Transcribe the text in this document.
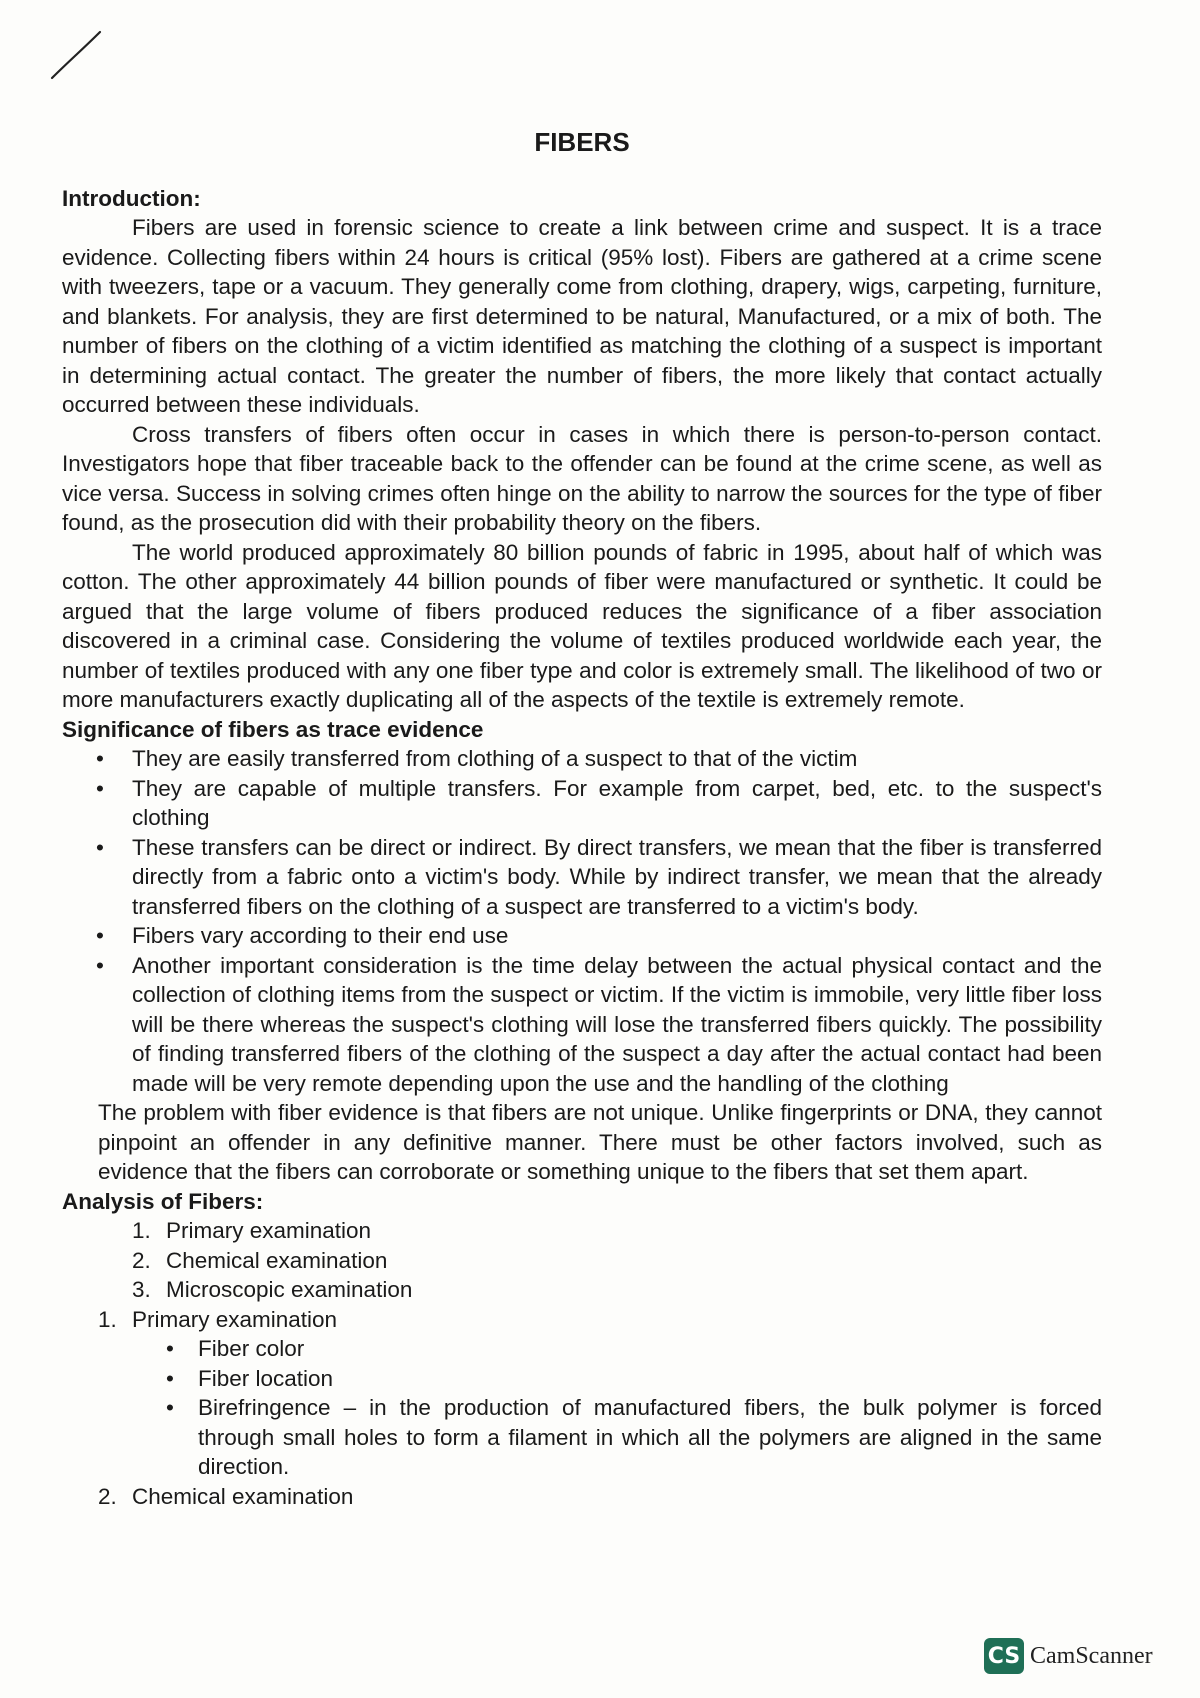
FIBERS
Introduction:

Fibers are used in forensic science to create a link between crime and suspect. It is a trace evidence. Collecting fibers within 24 hours is critical (95% lost). Fibers are gathered at a crime scene with tweezers, tape or a vacuum. They generally come from clothing, drapery, wigs, carpeting, furniture, and blankets. For analysis, they are first determined to be natural, Manufactured, or a mix of both. The number of fibers on the clothing of a victim identified as matching the clothing of a suspect is important in determining actual contact. The greater the number of fibers, the more likely that contact actually occurred between these individuals.

Cross transfers of fibers often occur in cases in which there is person-to-person contact. Investigators hope that fiber traceable back to the offender can be found at the crime scene, as well as vice versa. Success in solving crimes often hinge on the ability to narrow the sources for the type of fiber found, as the prosecution did with their probability theory on the fibers.

The world produced approximately 80 billion pounds of fabric in 1995, about half of which was cotton. The other approximately 44 billion pounds of fiber were manufactured or synthetic. It could be argued that the large volume of fibers produced reduces the significance of a fiber association discovered in a criminal case. Considering the volume of textiles produced worldwide each year, the number of textiles produced with any one fiber type and color is extremely small. The likelihood of two or more manufacturers exactly duplicating all of the aspects of the textile is extremely remote.

Significance of fibers as trace evidence
• They are easily transferred from clothing of a suspect to that of the victim
• They are capable of multiple transfers. For example from carpet, bed, etc. to the suspect's clothing
• These transfers can be direct or indirect. By direct transfers, we mean that the fiber is transferred directly from a fabric onto a victim's body. While by indirect transfer, we mean that the already transferred fibers on the clothing of a suspect are transferred to a victim's body.
• Fibers vary according to their end use
• Another important consideration is the time delay between the actual physical contact and the collection of clothing items from the suspect or victim. If the victim is immobile, very little fiber loss will be there whereas the suspect's clothing will lose the transferred fibers quickly. The possibility of finding transferred fibers of the clothing of the suspect a day after the actual contact had been made will be very remote depending upon the use and the handling of the clothing

The problem with fiber evidence is that fibers are not unique. Unlike fingerprints or DNA, they cannot pinpoint an offender in any definitive manner. There must be other factors involved, such as evidence that the fibers can corroborate or something unique to the fibers that set them apart.

Analysis of Fibers:
1. Primary examination
2. Chemical examination
3. Microscopic examination
1. Primary examination
• Fiber color
• Fiber location
• Birefringence – in the production of manufactured fibers, the bulk polymer is forced through small holes to form a filament in which all the polymers are aligned in the same direction.
2. Chemical examination
CS CamScanner
